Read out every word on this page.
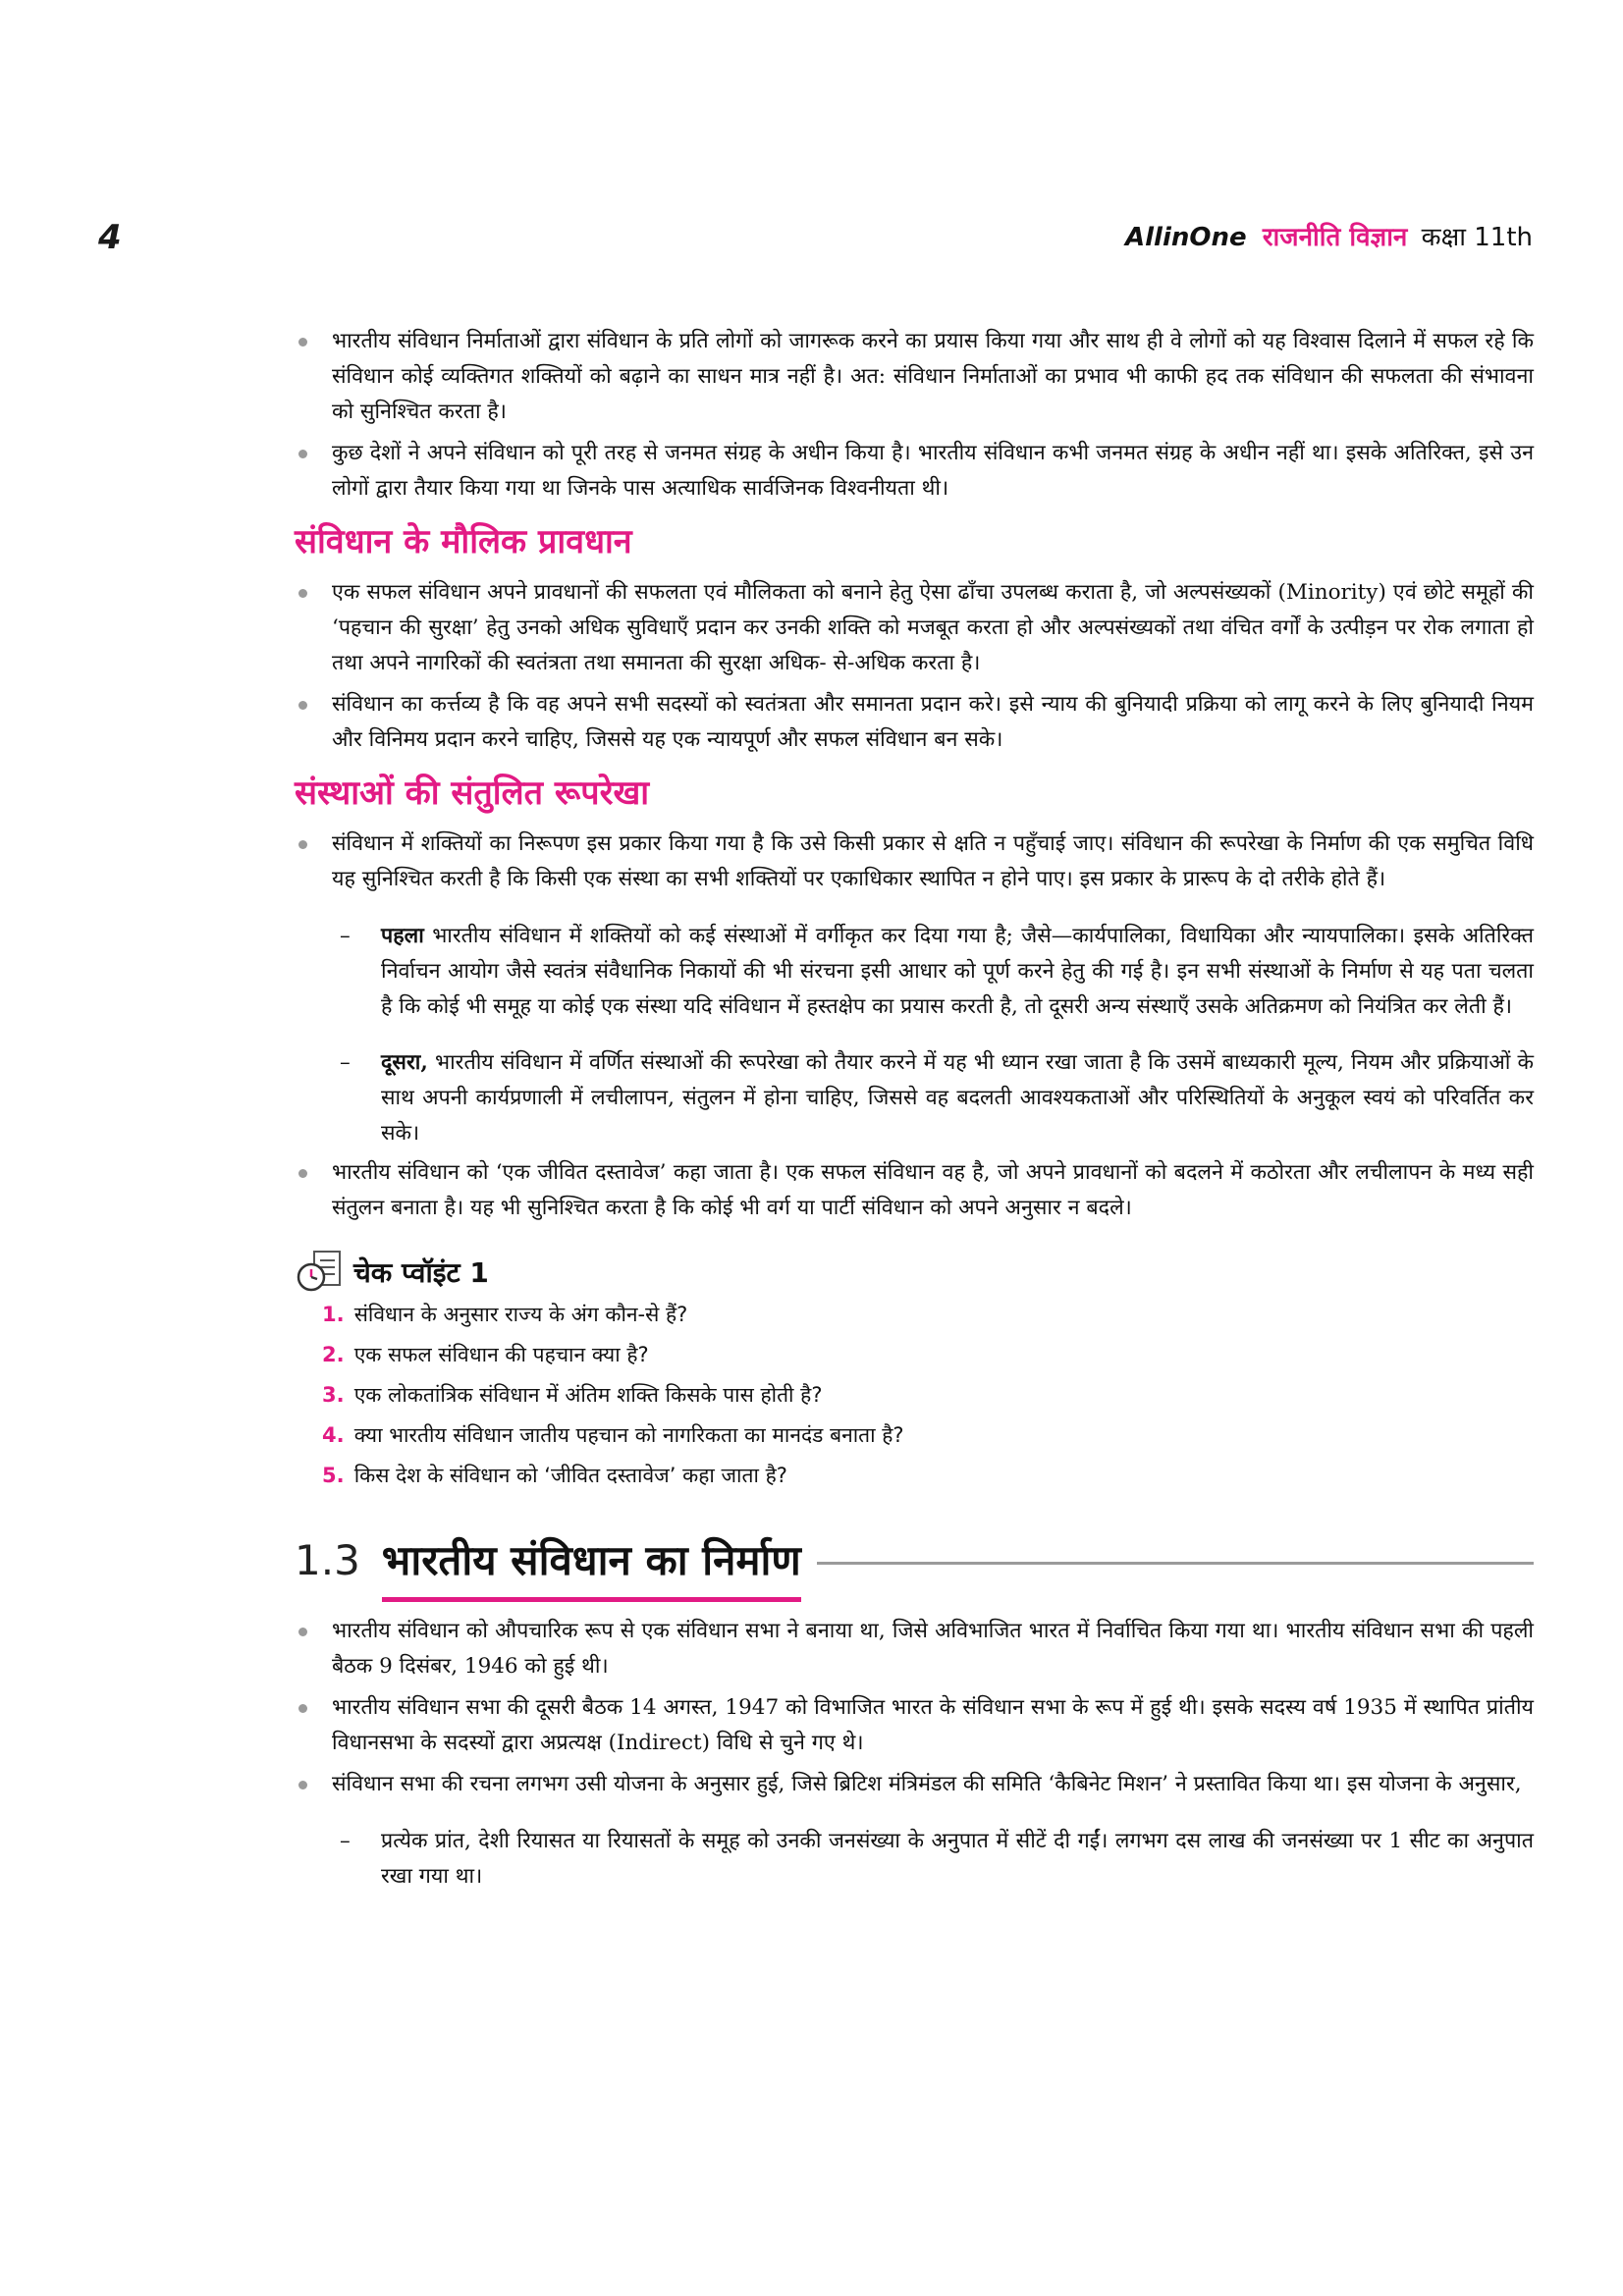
4	AllinOne राजनीति विज्ञान कक्षा 11th

भारतीय संविधान निर्माताओं द्वारा संविधान के प्रति लोगों को जागरूक करने का प्रयास किया गया और साथ ही वे लोगों को यह विश्वास दिलाने में सफल रहे कि संविधान कोई व्यक्तिगत शक्तियों को बढ़ाने का साधन मात्र नहीं है। अत: संविधान निर्माताओं का प्रभाव भी काफी हद तक संविधान की सफलता की संभावना को सुनिश्चित करता है।

कुछ देशों ने अपने संविधान को पूरी तरह से जनमत संग्रह के अधीन किया है। भारतीय संविधान कभी जनमत संग्रह के अधीन नहीं था। इसके अतिरिक्त, इसे उन लोगों द्वारा तैयार किया गया था जिनके पास अत्याधिक सार्वजिनक विश्वनीयता थी।

संविधान के मौलिक प्रावधान

एक सफल संविधान अपने प्रावधानों की सफलता एवं मौलिकता को बनाने हेतु ऐसा ढाँचा उपलब्ध कराता है, जो अल्पसंख्यकों (Minority) एवं छोटे समूहों की ‘पहचान की सुरक्षा’ हेतु उनको अधिक सुविधाएँ प्रदान कर उनकी शक्ति को मजबूत करता हो और अल्पसंख्यकों तथा वंचित वर्गों के उत्पीड़न पर रोक लगाता हो तथा अपने नागरिकों की स्वतंत्रता तथा समानता की सुरक्षा अधिक- से-अधिक करता है।

संविधान का कर्त्तव्य है कि वह अपने सभी सदस्यों को स्वतंत्रता और समानता प्रदान करे। इसे न्याय की बुनियादी प्रक्रिया को लागू करने के लिए बुनियादी नियम और विनिमय प्रदान करने चाहिए, जिससे यह एक न्यायपूर्ण और सफल संविधान बन सके।

संस्थाओं की संतुलित रूपरेखा

संविधान में शक्तियों का निरूपण इस प्रकार किया गया है कि उसे किसी प्रकार से क्षति न पहुँचाई जाए। संविधान की रूपरेखा के निर्माण की एक समुचित विधि यह सुनिश्चित करती है कि किसी एक संस्था का सभी शक्तियों पर एकाधिकार स्थापित न होने पाए। इस प्रकार के प्रारूप के दो तरीके होते हैं।

– पहला भारतीय संविधान में शक्तियों को कई संस्थाओं में वर्गीकृत कर दिया गया है; जैसे—कार्यपालिका, विधायिका और न्यायपालिका। इसके अतिरिक्त निर्वाचन आयोग जैसे स्वतंत्र संवैधानिक निकायों की भी संरचना इसी आधार को पूर्ण करने हेतु की गई है। इन सभी संस्थाओं के निर्माण से यह पता चलता है कि कोई भी समूह या कोई एक संस्था यदि संविधान में हस्तक्षेप का प्रयास करती है, तो दूसरी अन्य संस्थाएँ उसके अतिक्रमण को नियंत्रित कर लेती हैं।

– दूसरा, भारतीय संविधान में वर्णित संस्थाओं की रूपरेखा को तैयार करने में यह भी ध्यान रखा जाता है कि उसमें बाध्यकारी मूल्य, नियम और प्रक्रियाओं के साथ अपनी कार्यप्रणाली में लचीलापन, संतुलन में होना चाहिए, जिससे वह बदलती आवश्यकताओं और परिस्थितियों के अनुकूल स्वयं को परिवर्तित कर सके।

भारतीय संविधान को ‘एक जीवित दस्तावेज’ कहा जाता है। एक सफल संविधान वह है, जो अपने प्रावधानों को बदलने में कठोरता और लचीलापन के मध्य सही संतुलन बनाता है। यह भी सुनिश्चित करता है कि कोई भी वर्ग या पार्टी संविधान को अपने अनुसार न बदले।

चेक प्वॉइंट 1
1. संविधान के अनुसार राज्य के अंग कौन-से हैं?
2. एक सफल संविधान की पहचान क्या है?
3. एक लोकतांत्रिक संविधान में अंतिम शक्ति किसके पास होती है?
4. क्या भारतीय संविधान जातीय पहचान को नागरिकता का मानदंड बनाता है?
5. किस देश के संविधान को ‘जीवित दस्तावेज’ कहा जाता है?
1.3 भारतीय संविधान का निर्माण

भारतीय संविधान को औपचारिक रूप से एक संविधान सभा ने बनाया था, जिसे अविभाजित भारत में निर्वाचित किया गया था। भारतीय संविधान सभा की पहली बैठक 9 दिसंबर, 1946 को हुई थी।

भारतीय संविधान सभा की दूसरी बैठक 14 अगस्त, 1947 को विभाजित भारत के संविधान सभा के रूप में हुई थी। इसके सदस्य वर्ष 1935 में स्थापित प्रांतीय विधानसभा के सदस्यों द्वारा अप्रत्यक्ष (Indirect) विधि से चुने गए थे।

संविधान सभा की रचना लगभग उसी योजना के अनुसार हुई, जिसे ब्रिटिश मंत्रिमंडल की समिति ‘कैबिनेट मिशन’ ने प्रस्तावित किया था। इस योजना के अनुसार,

– प्रत्येक प्रांत, देशी रियासत या रियासतों के समूह को उनकी जनसंख्या के अनुपात में सीटें दी गईं। लगभग दस लाख की जनसंख्या पर 1 सीट का अनुपात रखा गया था।
